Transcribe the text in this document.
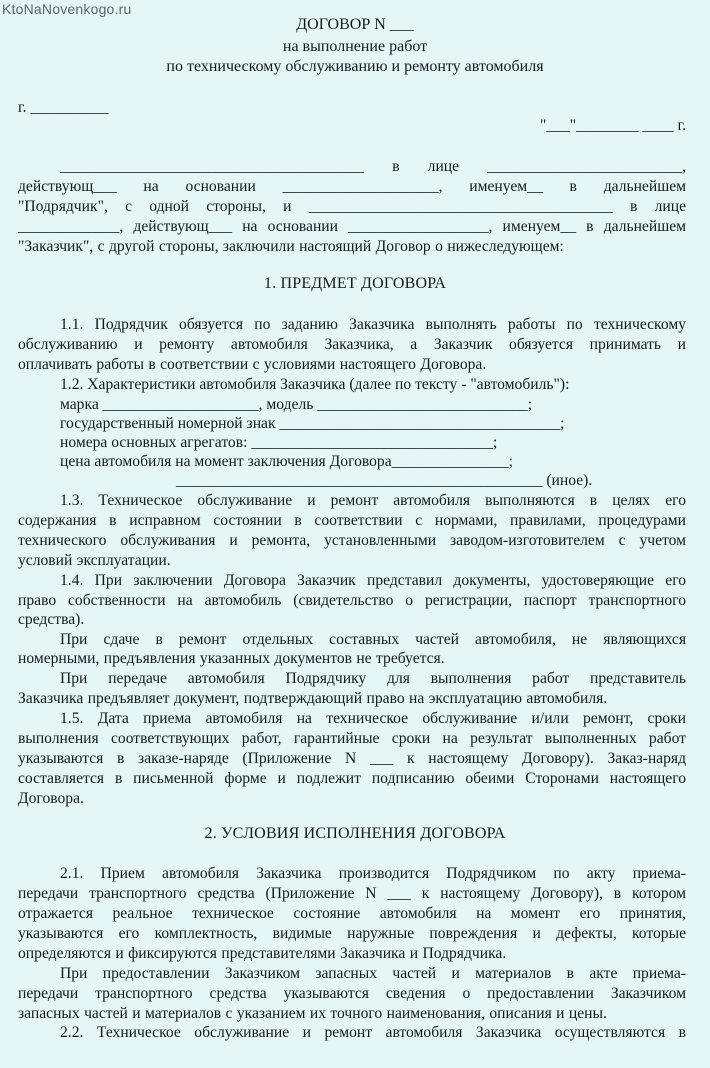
KtoNaNovenkogo.ru
ДОГОВОР N ___
на выполнение работ
по техническому обслуживанию и ремонту автомобиля
г. __________
"___"________ ____ г.
_______________________________________ в лице _________________________,
действующ___ на основании ____________________, именуем__ в дальнейшем
"Подрядчик", с одной стороны, и _______________________________________ в лице
_____________, действующ___ на основании __________________, именуем__ в дальнейшем
"Заказчик", с другой стороны, заключили настоящий Договор о нижеследующем:
1. ПРЕДМЕТ ДОГОВОРА
1.1. Подрядчик обязуется по заданию Заказчика выполнять работы по техническому
обслуживанию и ремонту автомобиля Заказчика, а Заказчик обязуется принимать и
оплачивать работы в соответствии с условиями настоящего Договора.
1.2. Характеристики автомобиля Заказчика (далее по тексту - "автомобиль"):
марка ____________________, модель ___________________________;
государственный номерной знак ____________________________________;
номера основных агрегатов: _______________________________;
цена автомобиля на момент заключения Договора_______________;
_______________________________________________ (иное).
1.3. Техническое обслуживание и ремонт автомобиля выполняются в целях его
содержания в исправном состоянии в соответствии с нормами, правилами, процедурами
технического обслуживания и ремонта, установленными заводом-изготовителем с учетом
условий эксплуатации.
1.4. При заключении Договора Заказчик представил документы, удостоверяющие его
право собственности на автомобиль (свидетельство о регистрации, паспорт транспортного
средства).
При сдаче в ремонт отдельных составных частей автомобиля, не являющихся
номерными, предъявления указанных документов не требуется.
При передаче автомобиля Подрядчику для выполнения работ представитель
Заказчика предъявляет документ, подтверждающий право на эксплуатацию автомобиля.
1.5. Дата приема автомобиля на техническое обслуживание и/или ремонт, сроки
выполнения соответствующих работ, гарантийные сроки на результат выполненных работ
указываются в заказе-наряде (Приложение N ___ к настоящему Договору). Заказ-наряд
составляется в письменной форме и подлежит подписанию обеими Сторонами настоящего
Договора.
2. УСЛОВИЯ ИСПОЛНЕНИЯ ДОГОВОРА
2.1. Прием автомобиля Заказчика производится Подрядчиком по акту приема-
передачи транспортного средства (Приложение N ___ к настоящему Договору), в котором
отражается реальное техническое состояние автомобиля на момент его принятия,
указываются его комплектность, видимые наружные повреждения и дефекты, которые
определяются и фиксируются представителями Заказчика и Подрядчика.
При предоставлении Заказчиком запасных частей и материалов в акте приема-
передачи транспортного средства указываются сведения о предоставлении Заказчиком
запасных частей и материалов с указанием их точного наименования, описания и цены.
2.2. Техническое обслуживание и ремонт автомобиля Заказчика осуществляются в
